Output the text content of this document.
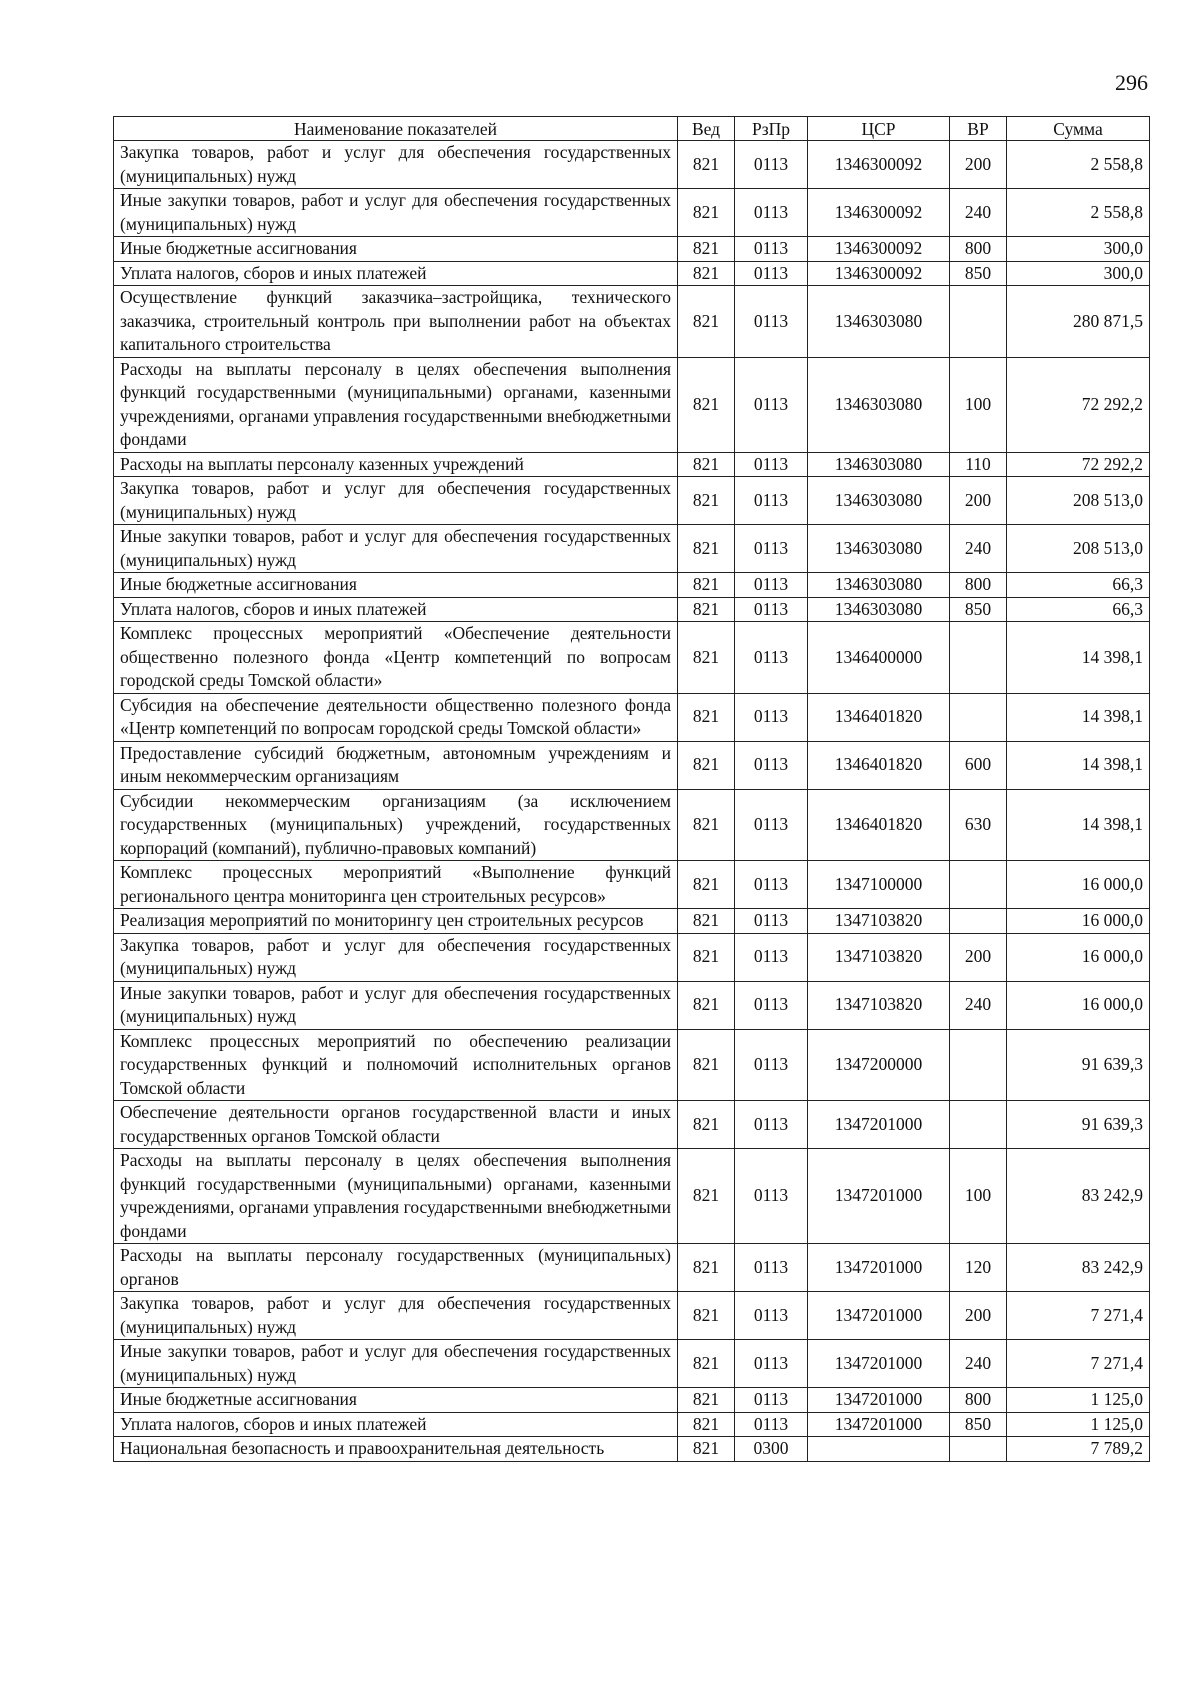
296
Наименование показателей	Вед	РзПр	ЦСР	ВР	Сумма
Закупка товаров, работ и услуг для обеспечения государственных (муниципальных) нужд	821	0113	1346300092	200	2 558,8
Иные закупки товаров, работ и услуг для обеспечения государственных (муниципальных) нужд	821	0113	1346300092	240	2 558,8
Иные бюджетные ассигнования	821	0113	1346300092	800	300,0
Уплата налогов, сборов и иных платежей	821	0113	1346300092	850	300,0
Осуществление функций заказчика–застройщика, технического заказчика, строительный контроль при выполнении работ на объектах капитального строительства	821	0113	1346303080		280 871,5
Расходы на выплаты персоналу в целях обеспечения выполнения функций государственными (муниципальными) органами, казенными учреждениями, органами управления государственными внебюджетными фондами	821	0113	1346303080	100	72 292,2
Расходы на выплаты персоналу казенных учреждений	821	0113	1346303080	110	72 292,2
Закупка товаров, работ и услуг для обеспечения государственных (муниципальных) нужд	821	0113	1346303080	200	208 513,0
Иные закупки товаров, работ и услуг для обеспечения государственных (муниципальных) нужд	821	0113	1346303080	240	208 513,0
Иные бюджетные ассигнования	821	0113	1346303080	800	66,3
Уплата налогов, сборов и иных платежей	821	0113	1346303080	850	66,3
Комплекс процессных мероприятий «Обеспечение деятельности общественно полезного фонда «Центр компетенций по вопросам городской среды Томской области»	821	0113	1346400000		14 398,1
Субсидия на обеспечение деятельности общественно полезного фонда «Центр компетенций по вопросам городской среды Томской области»	821	0113	1346401820		14 398,1
Предоставление субсидий бюджетным, автономным учреждениям и иным некоммерческим организациям	821	0113	1346401820	600	14 398,1
Субсидии некоммерческим организациям (за исключением государственных (муниципальных) учреждений, государственных корпораций (компаний), публично-правовых компаний)	821	0113	1346401820	630	14 398,1
Комплекс процессных мероприятий «Выполнение функций регионального центра мониторинга цен строительных ресурсов»	821	0113	1347100000		16 000,0
Реализация мероприятий по мониторингу цен строительных ресурсов	821	0113	1347103820		16 000,0
Закупка товаров, работ и услуг для обеспечения государственных (муниципальных) нужд	821	0113	1347103820	200	16 000,0
Иные закупки товаров, работ и услуг для обеспечения государственных (муниципальных) нужд	821	0113	1347103820	240	16 000,0
Комплекс процессных мероприятий по обеспечению реализации государственных функций и полномочий исполнительных органов Томской области	821	0113	1347200000		91 639,3
Обеспечение деятельности органов государственной власти и иных государственных органов Томской области	821	0113	1347201000		91 639,3
Расходы на выплаты персоналу в целях обеспечения выполнения функций государственными (муниципальными) органами, казенными учреждениями, органами управления государственными внебюджетными фондами	821	0113	1347201000	100	83 242,9
Расходы на выплаты персоналу государственных (муниципальных) органов	821	0113	1347201000	120	83 242,9
Закупка товаров, работ и услуг для обеспечения государственных (муниципальных) нужд	821	0113	1347201000	200	7 271,4
Иные закупки товаров, работ и услуг для обеспечения государственных (муниципальных) нужд	821	0113	1347201000	240	7 271,4
Иные бюджетные ассигнования	821	0113	1347201000	800	1 125,0
Уплата налогов, сборов и иных платежей	821	0113	1347201000	850	1 125,0
Национальная безопасность и правоохранительная деятельность	821	0300			7 789,2
